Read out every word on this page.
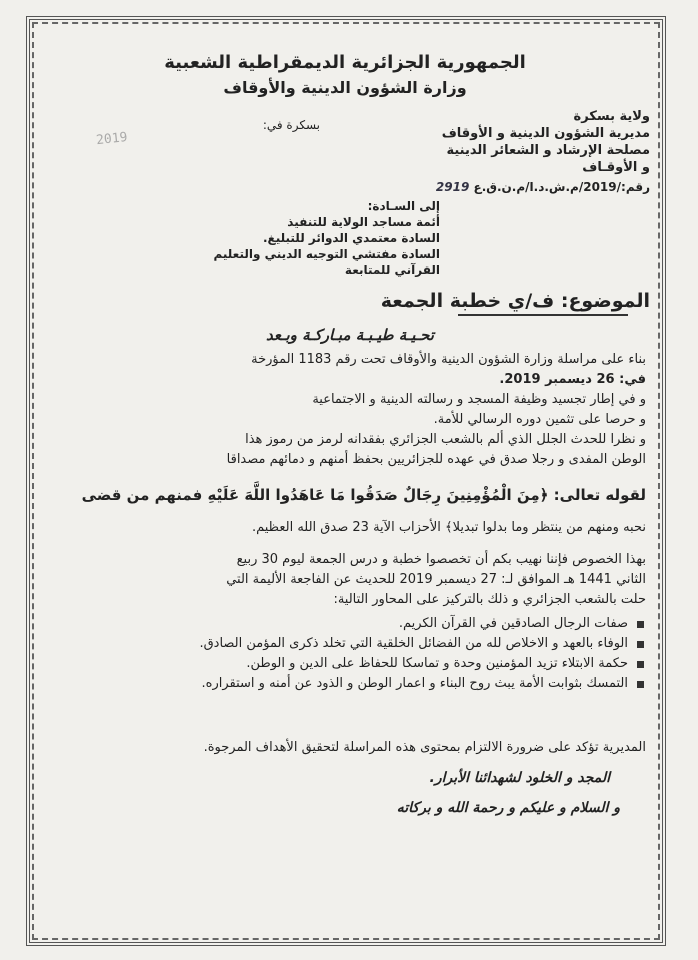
الجمهورية الجزائرية الديمقراطية الشعبية
وزارة الشؤون الدينية والأوقاف
ولاية بسكرة
مديرية الشؤون الدينية و الأوقاف
مصلحة الإرشاد و الشعائر الدينية
و الأوقـاف
رقم:/2019/م.ش.د.ا/م.ن.ق.ع 2919
بسكرة في:
2019
إلى السـادة:
أئمة مساجد الولاية للتنفيذ
السادة معتمدي الدوائر للتبليغ.
السادة مفتشي التوجيه الديني والتعليم
القرآني للمتابعة
الموضوع: ف/ي خطبة الجمعة
تحـيـة طيـبـة مبـاركـة وبـعد
بناء على مراسلة وزارة الشؤون الدينية والأوقاف تحت رقم 1183 المؤرخة
في: 26 ديسمبر 2019.
و في إطار تجسيد وظيفة المسجد و رسالته الدينية و الاجتماعية
و حرصا على تثمين دوره الرسالي للأمة.
و نظرا للحدث الجلل الذي ألم بالشعب الجزائري بفقدانه لرمز من رموز هذا
الوطن المفدى و رجلا صدق في عهده للجزائريين بحفظ أمنهم و دمائهم مصداقا
لقوله تعالى: ﴿مِنَ الْمُؤْمِنِينَ رِجَالٌ صَدَقُوا مَا عَاهَدُوا اللَّهَ عَلَيْهِ فمنهم من قضى
نحبه ومنهم من ينتظر وما بدلوا تبديلا﴾ الأحزاب الآية 23 صدق الله العظيم.
بهذا الخصوص فإننا نهيب بكم أن تخصصوا خطبة و درس الجمعة ليوم 30 ربيع
الثاني 1441 هـ الموافق لـ: 27 ديسمبر 2019 للحديث عن الفاجعة الأليمة التي
حلت بالشعب الجزائري و ذلك بالتركيز على المحاور التالية:
صفات الرجال الصادقين في القرآن الكريم.
الوفاء بالعهد و الاخلاص لله من الفضائل الخلقية التي تخلد ذكرى المؤمن الصادق.
حكمة الابتلاء تزيد المؤمنين وحدة و تماسكا للحفاظ على الدين و الوطن.
التمسك بثوابت الأمة يبث روح البناء و اعمار الوطن و الذود عن أمنه و استقراره.
المديرية تؤكد على ضرورة الالتزام بمحتوى هذه المراسلة لتحقيق الأهداف المرجوة.
المجد و الخلود لشهدائنا الأبرار.
و السلام و عليكم و رحمة الله و بركاته
